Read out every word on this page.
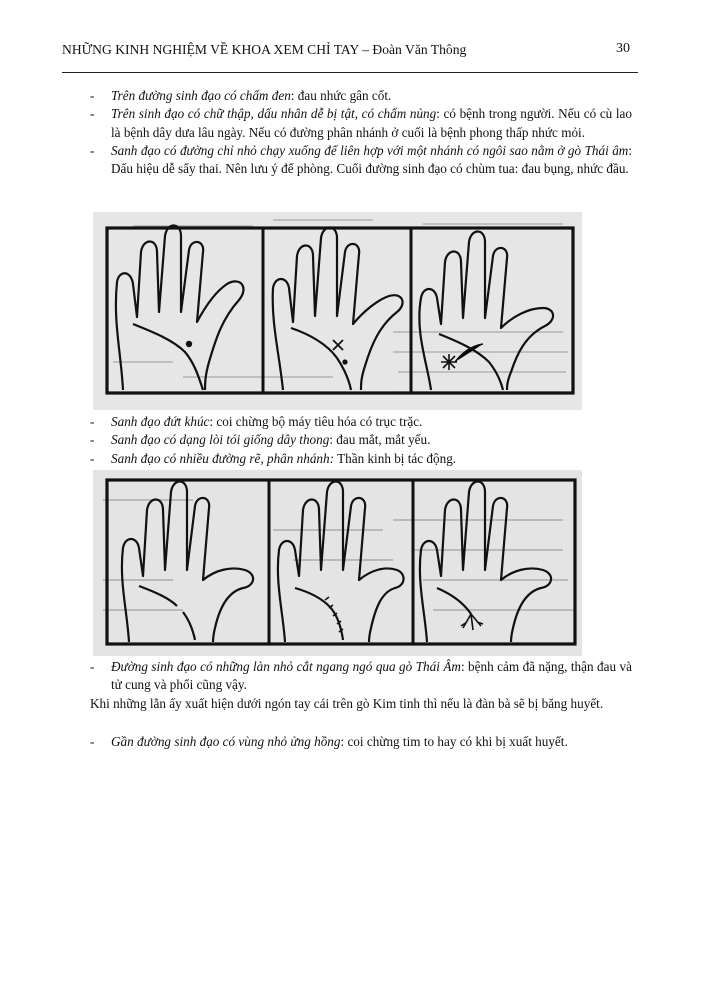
NHỮNG KINH NGHIỆM VỀ KHOA XEM CHỈ TAY – Đoàn Văn Thông	30
- Trên đường sinh đạo có chấm đen: đau nhức gân cốt.
- Trên sinh đạo có chữ thập, dấu nhân dễ bị tật, có chấm nủng: có bệnh trong người. Nếu có cù lao là bệnh dây dưa lâu ngày. Nếu có đường phân nhánh ở cuối là bệnh phong thấp nhức mỏi.
- Sanh đạo có đường chỉ nhỏ chạy xuống để liên hợp với một nhánh có ngôi sao nằm ở gò Thái âm: Dấu hiệu dễ sẩy thai. Nên lưu ý để phòng. Cuối đường sinh đạo có chùm tua: đau bụng, nhức đầu.
- Sanh đạo đứt khúc: coi chừng bộ máy tiêu hóa có trục trặc.
- Sanh đạo có dạng lòi tói giống dây thong: đau mắt, mắt yếu.
- Sanh đạo có nhiều đường rẽ, phân nhánh: Thần kinh bị tác động.
- Đường sinh đạo có những làn nhỏ cắt ngang ngó qua gò Thái Âm: bệnh cảm đã nặng, thận đau và tử cung và phổi cũng vậy.
Khi những lằn ấy xuất hiện dưới ngón tay cái trên gò Kim tinh thì nếu là đàn bà sẽ bị băng huyết.
- Gần đường sinh đạo có vùng nhỏ ửng hồng: coi chừng tim to hay có khi bị xuất huyết.
